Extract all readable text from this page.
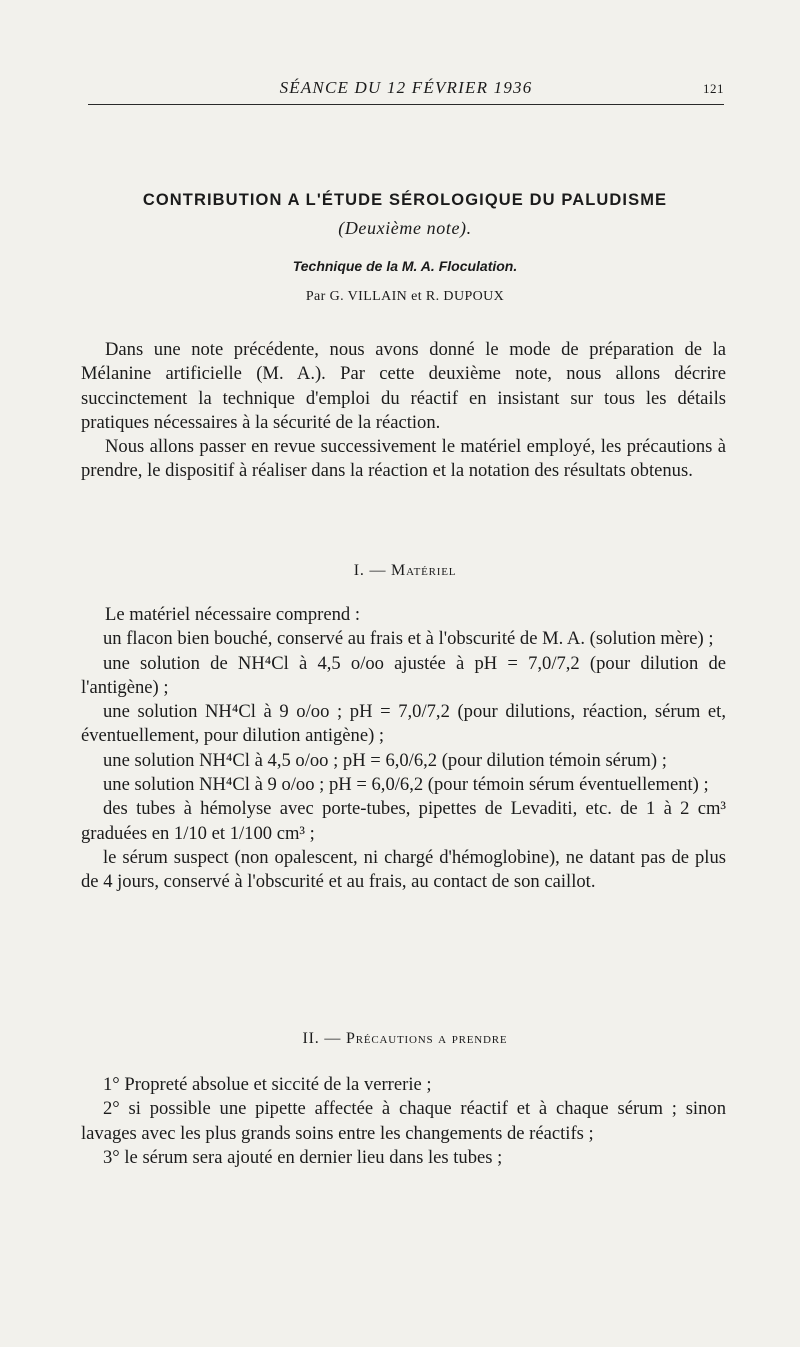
SÉANCE DU 12 FÉVRIER 1936	121
CONTRIBUTION A L'ÉTUDE SÉROLOGIQUE DU PALUDISME
(Deuxième note).
Technique de la M. A. Floculation.
Par G. VILLAIN et R. DUPOUX

Dans une note précédente, nous avons donné le mode de préparation de la Mélanine artificielle (M. A.). Par cette deuxième note, nous allons décrire succinctement la technique d'emploi du réactif en insistant sur tous les détails pratiques nécessaires à la sécurité de la réaction.

Nous allons passer en revue successivement le matériel employé, les précautions à prendre, le dispositif à réaliser dans la réaction et la notation des résultats obtenus.

I. — Matériel

Le matériel nécessaire comprend :

un flacon bien bouché, conservé au frais et à l'obscurité de M. A. (solution mère) ;

une solution de NH⁴Cl à 4,5 o/oo ajustée à pH = 7,0/7,2 (pour dilution de l'antigène) ;

une solution NH⁴Cl à 9 o/oo ; pH = 7,0/7,2 (pour dilutions, réaction, sérum et, éventuellement, pour dilution antigène) ;

une solution NH⁴Cl à 4,5 o/oo ; pH = 6,0/6,2 (pour dilution témoin sérum) ;

une solution NH⁴Cl à 9 o/oo ; pH = 6,0/6,2 (pour témoin sérum éventuellement) ;

des tubes à hémolyse avec porte-tubes, pipettes de Levaditi, etc. de 1 à 2 cm³ graduées en 1/10 et 1/100 cm³ ;

le sérum suspect (non opalescent, ni chargé d'hémoglobine), ne datant pas de plus de 4 jours, conservé à l'obscurité et au frais, au contact de son caillot.

II. — Précautions a prendre

1° Propreté absolue et siccité de la verrerie ;

2° si possible une pipette affectée à chaque réactif et à chaque sérum ; sinon lavages avec les plus grands soins entre les changements de réactifs ;

3° le sérum sera ajouté en dernier lieu dans les tubes ;
